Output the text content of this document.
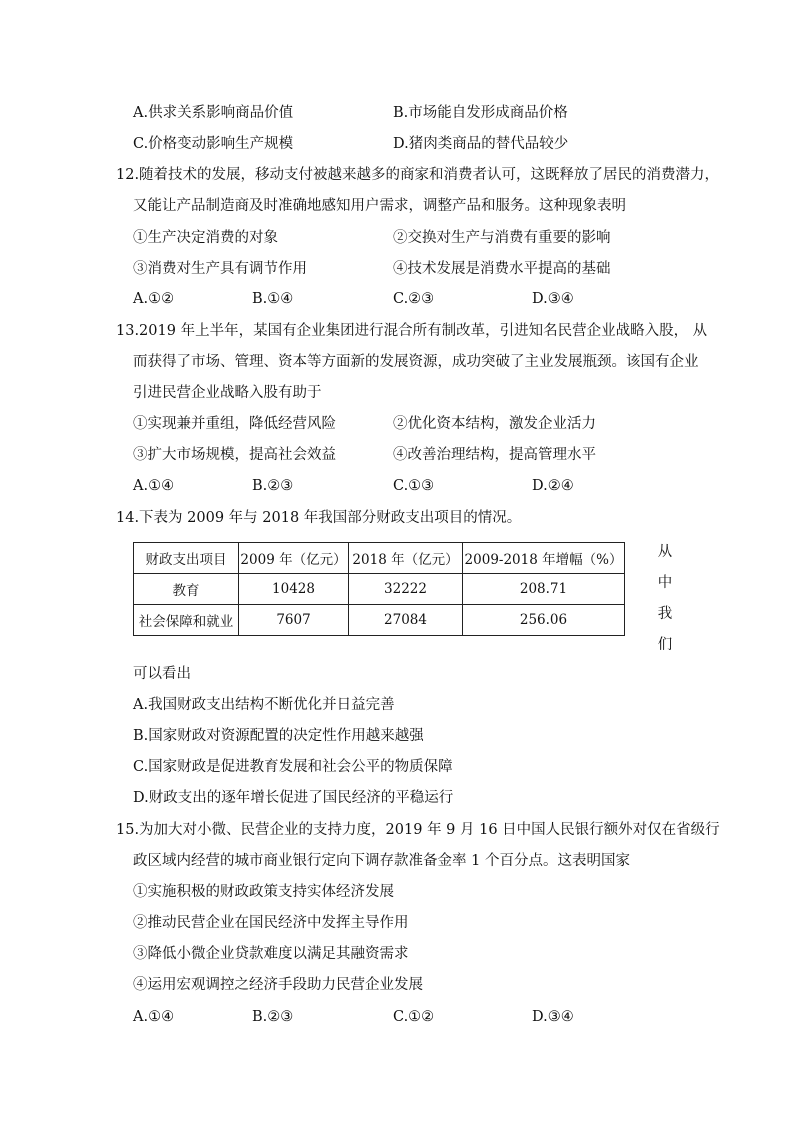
A.供求关系影响商品价值	B.市场能自发形成商品价格
C.价格变动影响生产规模	D.猪肉类商品的替代品较少
12.随着技术的发展，移动支付被越来越多的商家和消费者认可，这既释放了居民的消费潜力，
又能让产品制造商及时准确地感知用户需求，调整产品和服务。这种现象表明
①生产决定消费的对象	②交换对生产与消费有重要的影响
③消费对生产具有调节作用	④技术发展是消费水平提高的基础
A.①②	B.①④	C.②③	D.③④
13.2019 年上半年，某国有企业集团进行混合所有制改革，引进知名民营企业战略入股， 从
而获得了市场、管理、资本等方面新的发展资源，成功突破了主业发展瓶颈。该国有企业
引进民营企业战略入股有助于
①实现兼并重组，降低经营风险	②优化资本结构，激发企业活力
③扩大市场规模，提高社会效益	④改善治理结构，提高管理水平
A.①④	B.②③	C.①③	D.②④
14.下表为 2009 年与 2018 年我国部分财政支出项目的情况。
财政支出项目	2009 年（亿元）	2018 年（亿元）	2009-2018 年增幅（%）
教育	10428	32222	208.71
社会保障和就业	7607	27084	256.06
从
中
我
们
可以看出
A.我国财政支出结构不断优化并日益完善
B.国家财政对资源配置的决定性作用越来越强
C.国家财政是促进教育发展和社会公平的物质保障
D.财政支出的逐年增长促进了国民经济的平稳运行
15.为加大对小微、民营企业的支持力度，2019 年 9 月 16 日中国人民银行额外对仅在省级行
政区域内经营的城市商业银行定向下调存款准备金率 1 个百分点。这表明国家
①实施积极的财政政策支持实体经济发展
②推动民营企业在国民经济中发挥主导作用
③降低小微企业贷款难度以满足其融资需求
④运用宏观调控之经济手段助力民营企业发展
A.①④	B.②③	C.①②	D.③④
